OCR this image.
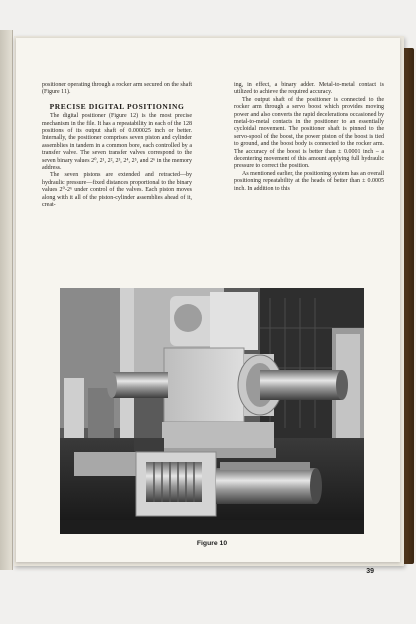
positioner operating through a rocker arm secured on the shaft (Figure 11).

PRECISE DIGITAL POSITIONING

The digital positioner (Figure 12) is the most precise mechanism in the file. It has a repeatability in each of the 128 positions of its output shaft of 0.000025 inch or better. Internally, the positioner comprises seven piston and cylinder assemblies in tandem in a common bore, each controlled by a transfer valve. The seven transfer valves correspond to the seven binary values 2⁰, 2¹, 2², 2³, 2⁴, 2⁵, and 2⁶ in the memory address.

The seven pistons are extended and retracted—by hydraulic pressure—fixed distances proportional to the binary values 2⁰-2⁶ under control of the valves. Each piston moves along with it all of the piston-cylinder assemblies ahead of it, creat-

ing, in effect, a binary adder. Metal-to-metal contact is utilized to achieve the required accuracy.

The output shaft of the positioner is connected to the rocker arm through a servo boost which provides moving power and also converts the rapid decelerations occasioned by metal-to-metal contacts in the positioner to an essentially cycloidal movement. The positioner shaft is pinned to the servo-spool of the boost, the power piston of the boost is tied to ground, and the boost body is connected to the rocker arm. The accuracy of the boost is better than ± 0.0001 inch – a decentering movement of this amount applying full hydraulic pressure to correct the position.

As mentioned earlier, the positioning system has an overall positioning repeatability at the heads of better than ± 0.0005 inch. In addition to this

Figure 10
39
